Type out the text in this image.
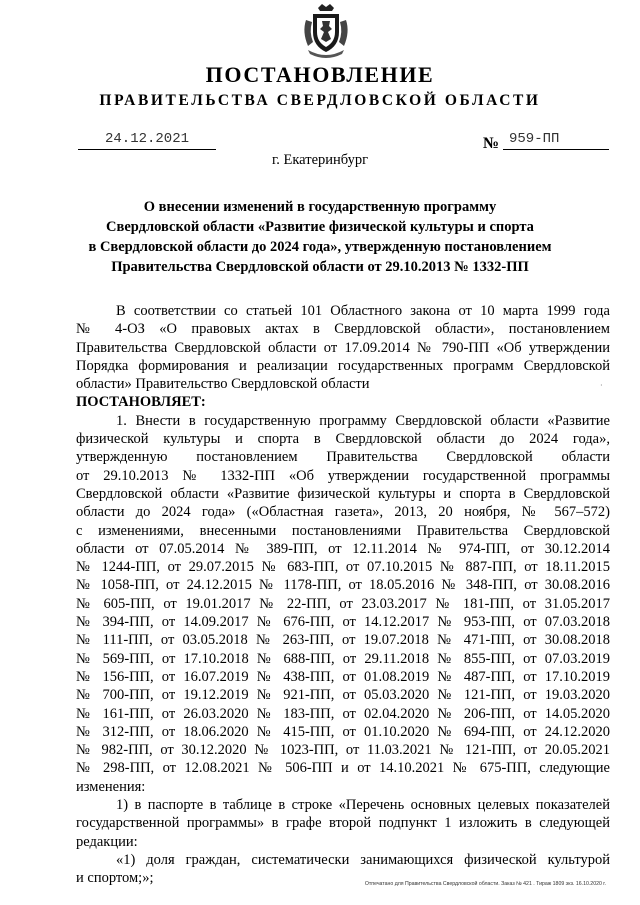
ПОСТАНОВЛЕНИЕ
ПРАВИТЕЛЬСТВА СВЕРДЛОВСКОЙ ОБЛАСТИ
24.12.2021	№ 959-ПП
г. Екатеринбург
О внесении изменений в государственную программу
Свердловской области «Развитие физической культуры и спорта
в Свердловской области до 2024 года», утвержденную постановлением
Правительства Свердловской области от 29.10.2013 № 1332-ПП
·
В соответствии со статьей 101 Областного закона от 10 марта 1999 года
№ 4-ОЗ «О правовых актах в Свердловской области», постановлением
Правительства Свердловской области от 17.09.2014 № 790-ПП «Об утверждении
Порядка формирования и реализации государственных программ Свердловской
области» Правительство Свердловской области
ПОСТАНОВЛЯЕТ:
1. Внести в государственную программу Свердловской области «Развитие
физической культуры и спорта в Свердловской области до 2024 года»,
утвержденную постановлением Правительства Свердловской области
от 29.10.2013 № 1332-ПП «Об утверждении государственной программы
Свердловской области «Развитие физической культуры и спорта в Свердловской
области до 2024 года» («Областная газета», 2013, 20 ноября, № 567–572)
с изменениями, внесенными постановлениями Правительства Свердловской
области от 07.05.2014 № 389-ПП, от 12.11.2014 № 974-ПП, от 30.12.2014
№ 1244-ПП, от 29.07.2015 № 683-ПП, от 07.10.2015 № 887-ПП, от 18.11.2015
№ 1058-ПП, от 24.12.2015 № 1178-ПП, от 18.05.2016 № 348-ПП, от 30.08.2016
№ 605-ПП, от 19.01.2017 № 22-ПП, от 23.03.2017 № 181-ПП, от 31.05.2017
№ 394-ПП, от 14.09.2017 № 676-ПП, от 14.12.2017 № 953-ПП, от 07.03.2018
№ 111-ПП, от 03.05.2018 № 263-ПП, от 19.07.2018 № 471-ПП, от 30.08.2018
№ 569-ПП, от 17.10.2018 № 688-ПП, от 29.11.2018 № 855-ПП, от 07.03.2019
№ 156-ПП, от 16.07.2019 № 438-ПП, от 01.08.2019 № 487-ПП, от 17.10.2019
№ 700-ПП, от 19.12.2019 № 921-ПП, от 05.03.2020 № 121-ПП, от 19.03.2020
№ 161-ПП, от 26.03.2020 № 183-ПП, от 02.04.2020 № 206-ПП, от 14.05.2020
№ 312-ПП, от 18.06.2020 № 415-ПП, от 01.10.2020 № 694-ПП, от 24.12.2020
№ 982-ПП, от 30.12.2020 № 1023-ПП, от 11.03.2021 № 121-ПП, от 20.05.2021
№ 298-ПП, от 12.08.2021 № 506-ПП и от 14.10.2021 № 675-ПП, следующие
изменения:
1) в паспорте в таблице в строке «Перечень основных целевых показателей
государственной программы» в графе второй подпункт 1 изложить в следующей
редакции:
«1) доля граждан, систематически занимающихся физической культурой
и спортом;»;	Отпечатано для Правительства Свердловской области. Заказ № 421 . Тираж 1809 экз. 16.10.2020 г.
